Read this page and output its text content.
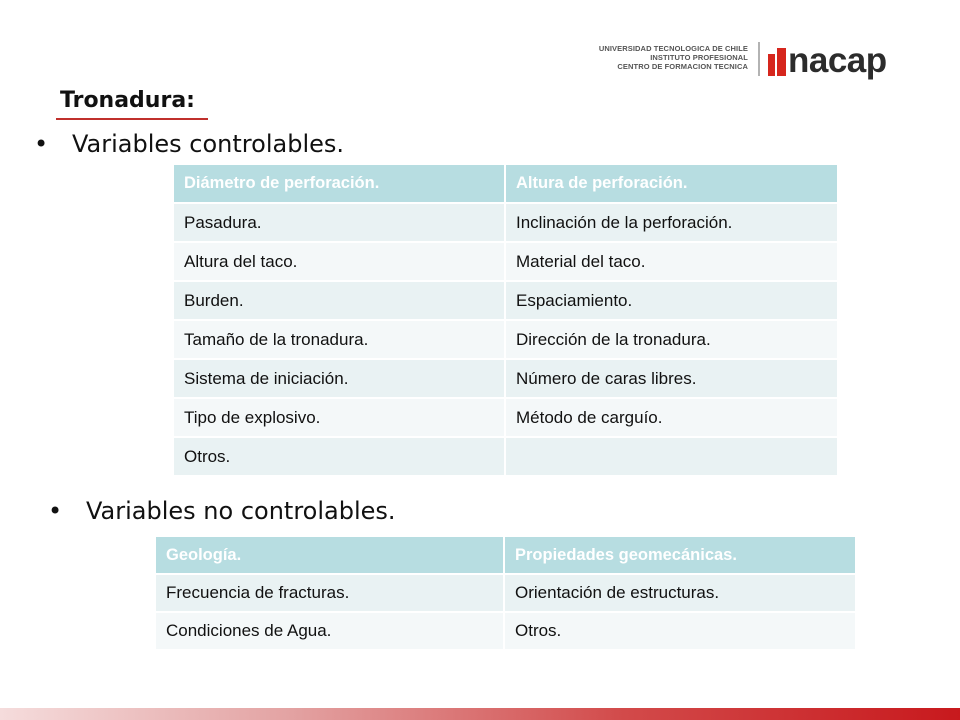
UNIVERSIDAD TECNOLOGICA DE CHILE
INSTITUTO PROFESIONAL
CENTRO DE FORMACION TECNICA nacap
Tronadura:
• Variables controlables.
Diámetro de perforación.	Altura de perforación.
Pasadura.	Inclinación de la perforación.
Altura del taco.	Material del taco.
Burden.	Espaciamiento.
Tamaño de la tronadura.	Dirección de la tronadura.
Sistema de iniciación.	Número de caras libres.
Tipo de explosivo.	Método de carguío.
Otros.	
• Variables no controlables.
Geología.	Propiedades geomecánicas.
Frecuencia de fracturas.	Orientación de estructuras.
Condiciones de Agua.	Otros.
